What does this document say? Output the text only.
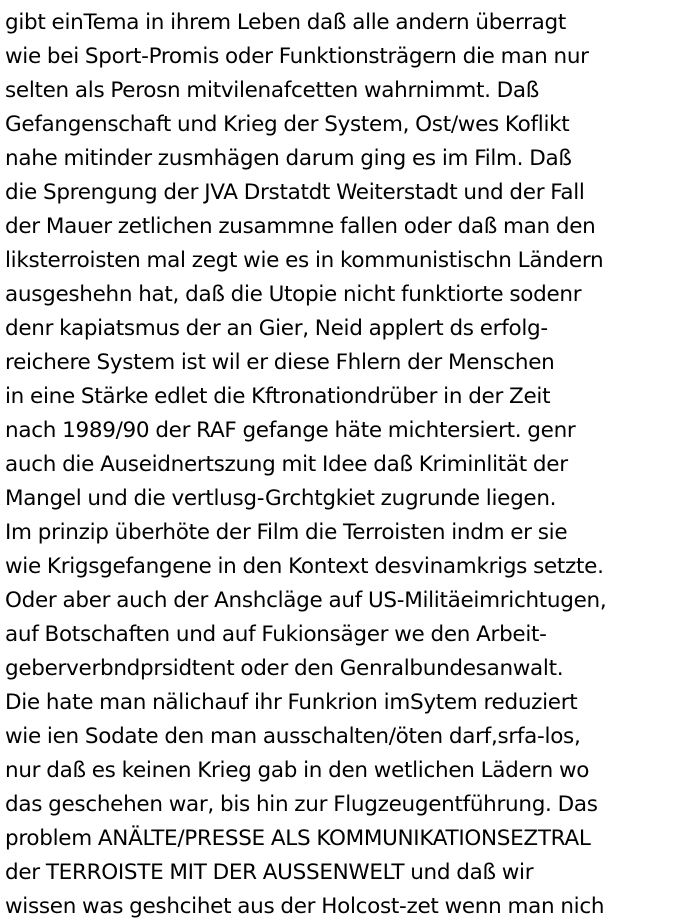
gibt einTema in ihrem Leben daß alle andern überragt
wie bei Sport-Promis oder Funktionsträgern die man nur
selten als Perosn mitvilenafcetten wahrnimmt. Daß
Gefangenschaft und Krieg der System, Ost/wes Koflikt
nahe mitinder zusmhägen darum ging es im Film. Daß
die Sprengung der JVA Drstatdt Weiterstadt und der Fall
der Mauer zetlichen zusammne fallen oder daß man den
liksterroisten mal zegt wie es in kommunistischn Ländern
ausgeshehn hat, daß die Utopie nicht funktiorte sodenr
denr kapiatsmus der an Gier, Neid applert ds erfolg-
reichere System ist wil er diese Fhlern der Menschen
in eine Stärke edlet die Kftronationdrüber in der Zeit
nach 1989/90 der RAF gefange häte michtersiert. genr
auch die Auseidnertszung mit Idee daß Kriminlität der
Mangel und die vertlusg-Grchtgkiet zugrunde liegen.
Im prinzip überhöte der Film die Terroisten indm er sie
wie Krigsgefangene in den Kontext desvinamkrigs setzte.
Oder aber auch der Anshcläge auf US-Militäeimrichtugen,
auf Botschaften und auf Fukionsäger we den Arbeit-
geberverbndprsidtent oder den Genralbundesanwalt.
Die hate man nälichauf ihr Funkrion imSytem reduziert
wie ien Sodate den man ausschalten/öten darf,srfa-los,
nur daß es keinen Krieg gab in den wetlichen Lädern wo
das geschehen war, bis hin zur Flugzeugentführung. Das
problem ANÄLTE/PRESSE ALS KOMMUNIKATIONSEZTRAL
der TERROISTE MIT DER AUSSENWELT und daß wir
wissen was geshcihet aus der Holcost-zet wenn man nich
